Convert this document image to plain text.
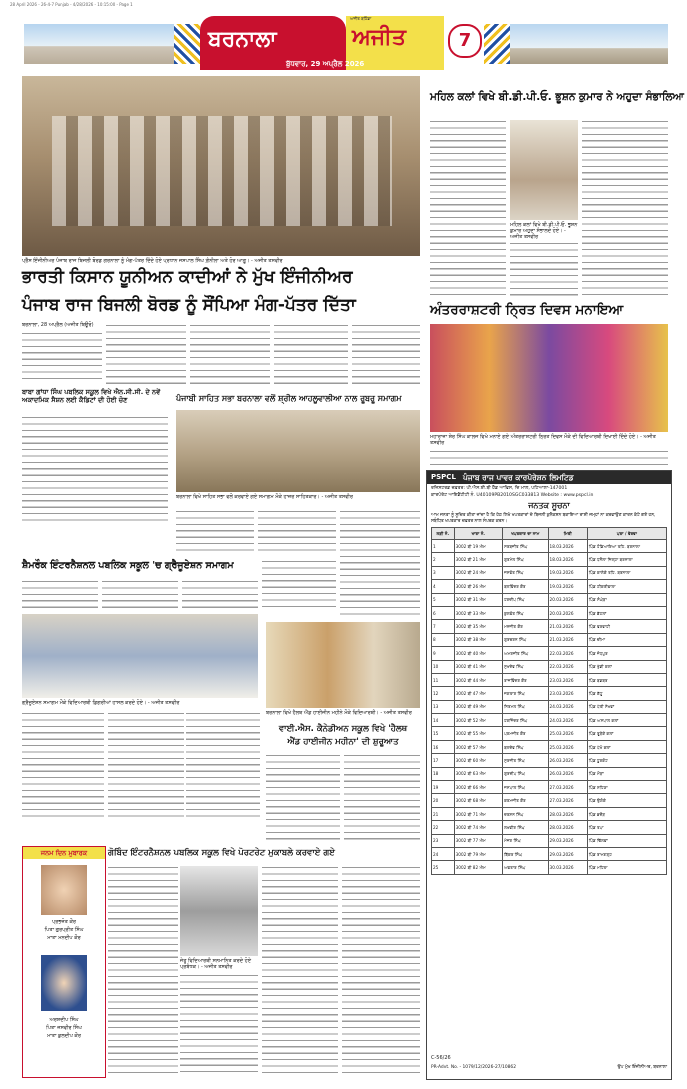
28 April 2026 - 26-4-7 Punjab - 4/28/2026 - 10:15:00 - Page 1
ਬਰਨਾਲਾ
ਅਜੀਤ ਬਠਿੰਡਾ
ਅਜੀਤ
ਬੁੱਧਵਾਰ, 29 ਅਪ੍ਰੈਲ 2026
7
ਪ੍ਰੈੱਸ ਇੰਜੀਨੀਅਰ ਪੰਜਾਬ ਰਾਜ ਬਿਜਲੀ ਬੋਰਡ ਗਰਨਾਲਾ ਨੂੰ ਮੰਗ-ਪੱਤਰ ਦਿੰਦੇ ਹੋਏ ਪ੍ਰਧਾਨ ਜਸਪਾਲ ਸਿੰਘ ਗ਼ੰਨੀਲਾ ਅਤੇ ਹੋਰ ਆਗੂ। - ਅਜੀਤ ਤਸਵੀਰ
ਮਹਿਲ ਕਲਾਂ ਵਿਖੇ ਬੀ.ਡੀ.ਪੀ.ਓ. ਭੂਸ਼ਨ ਕੁਮਾਰ ਨੇ ਅਹੁਦਾ ਸੰਭਾਲਿਆ
ਮਹਿਲ ਕਲਾਂ ਵਿਖੇ ਬੀ.ਡੀ.ਪੀ.ਓ. ਭੂਸ਼ਨ ਕੁਮਾਰ ਅਹੁਦਾ ਸੰਭਾਲਦੇ ਹੋਏ। - ਅਜੀਤ ਤਸਵੀਰ
ਭਾਰਤੀ ਕਿਸਾਨ ਯੂਨੀਅਨ ਕਾਦੀਆਂ ਨੇ ਮੁੱਖ ਇੰਜੀਨੀਅਰ
ਪੰਜਾਬ ਰਾਜ ਬਿਜਲੀ ਬੋਰਡ ਨੂੰ ਸੌਂਪਿਆ ਮੰਗ-ਪੱਤਰ ਦਿੱਤਾ	ਅੰਤਰਰਾਸ਼ਟਰੀ ਨ੍ਰਿਤ ਦਿਵਸ ਮਨਾਇਆ
ਮਹਾਰਾਜਾ ਸ਼ੇਰ ਸਿੰਘ ਕਾਲਜ ਵਿਖੇ ਮਨਾਏ ਗਏ ਅੰਤਰਰਾਸ਼ਟਰੀ ਨ੍ਰਿਤ ਦਿਵਸ ਮੌਕੇ ਦੀ ਵਿਦਿਆਰਥੀ ਦਿਖਾਈ ਦਿੰਦੇ ਹੋਏ। - ਅਜੀਤ ਤਸਵੀਰ
ਬਰਨਾਲਾ, 28 ਅਪ੍ਰੈਲ (ਅਜੀਤ ਬਿਊਰੋ)
ਬਾਬਾ ਗਾਂਧਾ ਸਿੰਘ ਪਬਲਿਕ ਸਕੂਲ ਵਿਖੇ ਐਨ.ਸੀ.ਸੀ. ਦੇ ਨਵੇਂ ਅਕਾਦਮਿਕ ਸੈਸ਼ਨ ਲਈ ਕੈਡਿਟਾਂ ਦੀ ਹੋਈ ਚੋਣ	ਪੰਜਾਬੀ ਸਾਹਿਤ ਸਭਾ ਬਰਨਾਲਾ ਵਲੋਂ ਸ਼੍ਰੀਲ ਆਹਲੂਵਾਲੀਆ ਨਾਲ ਰੂਬਰੂ ਸਮਾਗਮ
ਬਰਨਾਲਾ ਵਿਖੇ ਸਾਹਿਤ ਸਭਾ ਵਲੋਂ ਕਰਵਾਏ ਗਏ ਸਮਾਗਮ ਮੌਕੇ ਹਾਜ਼ਰ ਸਾਹਿਤਕਾਰ। - ਅਜੀਤ ਤਸਵੀਰ
ਸ਼ੈਮਰੌਕ ਇੰਟਰਨੈਸ਼ਨਲ ਪਬਲਿਕ ਸਕੂਲ 'ਚ ਗ੍ਰੈਜੂਏਸ਼ਨ ਸਮਾਗਮ
ਗ੍ਰੈਜੂਏਸ਼ਨ ਸਮਾਗਮ ਮੌਕੇ ਵਿਦਿਆਰਥੀ ਡਿਗਰੀਆਂ ਹਾਸਲ ਕਰਦੇ ਹੋਏ। - ਅਜੀਤ ਤਸਵੀਰ
ਬਰਨਾਲਾ ਵਿਖੇ ਹੈਲਥ ਐਂਡ ਹਾਈਜੀਨ ਮਹੀਨੇ ਮੌਕੇ ਵਿਦਿਆਰਥੀ। - ਅਜੀਤ ਤਸਵੀਰ
ਵਾਈ.ਐਸ. ਕੈਨੇਡੀਅਨ ਸਕੂਲ ਵਿਖੇ 'ਹੈਲਥ
ਐਂਡ ਹਾਈਜੀਨ ਮਹੀਨਾ' ਦੀ ਸ਼ੁਰੂਆਤ
ਜਨਮ ਦਿਨ ਮੁਬਾਰਕ
ਪ੍ਰਭਜੋਤ ਕੌਰ
ਪਿਤਾ ਗੁਰਪ੍ਰੀਤ ਸਿੰਘ
ਮਾਤਾ ਮਨਦੀਪ ਕੌਰ
ਅਰਸ਼ਦੀਪ ਸਿੰਘ
ਪਿਤਾ ਜਸਵੀਰ ਸਿੰਘ
ਮਾਤਾ ਕੁਲਦੀਪ ਕੌਰ
ਗੋਬਿੰਦ ਇੰਟਰਨੈਸ਼ਨਲ ਪਬਲਿਕ ਸਕੂਲ ਵਿਖੇ ਪੋਰਟਰੇਟ ਮੁਕਾਬਲੇ ਕਰਵਾਏ ਗਏ
ਜੇਤੂ ਵਿਦਿਆਰਥੀ ਸਨਮਾਨਿਤ ਕਰਦੇ ਹੋਏ ਪ੍ਰਬੰਧਕ। - ਅਜੀਤ ਤਸਵੀਰ
PSPCL ਪੰਜਾਬ ਰਾਜ ਪਾਵਰ ਕਾਰਪੋਰੇਸ਼ਨ ਲਿਮਟਿਡ
ਰਜਿਸਟਰਡ ਦਫ਼ਤਰ: ਪੀ.ਐਸ.ਈ.ਬੀ ਹੈੱਡ ਆਫਿਸ, ਦਿ ਮਾਲ, ਪਟਿਆਲਾ-147001
ਕਾਰਪੋਰੇਟ ਆਇਡੈਂਟੀਟੀ ਨੰ. U40109PB2010SGC033813 Website : www.pspcl.in
ਜਨਤਕ ਸੂਚਨਾ
ਆਮ ਜਨਤਾ ਨੂੰ ਸੂਚਿਤ ਕੀਤਾ ਜਾਂਦਾ ਹੈ ਕਿ ਹੇਠ ਲਿਖੇ ਖਪਤਕਾਰਾਂ ਦੇ ਬਿਜਲੀ ਕੁਨੈਕਸ਼ਨ ਬਕਾਇਆ ਰਾਸ਼ੀ ਜਮ੍ਹਾਂ ਨਾ ਕਰਵਾਉਣ ਕਾਰਨ ਕੱਟੇ ਗਏ ਹਨ, ਸਬੰਧਿਤ ਖਪਤਕਾਰ ਦਫ਼ਤਰ ਨਾਲ ਸੰਪਰਕ ਕਰਨ।
ਲੜੀ ਨੰ.	ਖਾਤਾ ਨੰ.	ਖਪਤਕਾਰ ਦਾ ਨਾਮ	ਮਿਤੀ	ਪਤਾ / ਵੇਰਵਾ
1	3002 ਬੀ 19 ਐਮ	ਸਰਬਜੀਤ ਸਿੰਘ	18.03.2026	ਪਿੰਡ ਹੰਡਿਆਇਆ ਤਹਿ. ਬਰਨਾਲਾ
2	3002 ਬੀ 21 ਐਮ	ਗੁਰਮੇਲ ਸਿੰਘ	18.03.2026	ਪਿੰਡ ਧਨੌਲਾ ਜ਼ਿਲ੍ਹਾ ਬਰਨਾਲਾ
3	3002 ਬੀ 24 ਐਮ	ਜਸਵੰਤ ਸਿੰਘ	19.03.2026	ਪਿੰਡ ਕਾਲੇਕੇ ਤਹਿ. ਬਰਨਾਲਾ
4	3002 ਬੀ 26 ਐਮ	ਬਲਵਿੰਦਰ ਕੌਰ	19.03.2026	ਪਿੰਡ ਠੀਕਰੀਵਾਲਾ
5	3002 ਬੀ 31 ਐਮ	ਹਰਦੀਪ ਸਿੰਘ	20.03.2026	ਪਿੰਡ ਸੰਘੇੜਾ
6	3002 ਬੀ 33 ਐਮ	ਕੁਲਵੰਤ ਸਿੰਘ	20.03.2026	ਪਿੰਡ ਭੱਠਲਾਂ
7	3002 ਬੀ 35 ਐਮ	ਮਨਜੀਤ ਕੌਰ	21.03.2026	ਪਿੰਡ ਫਰਵਾਹੀ
8	3002 ਬੀ 38 ਐਮ	ਗੁਰਚਰਨ ਸਿੰਘ	21.03.2026	ਪਿੰਡ ਚੀਮਾ
9	3002 ਬੀ 40 ਐਮ	ਅਮਰਜੀਤ ਸਿੰਘ	22.03.2026	ਪਿੰਡ ਜੋਧਪੁਰ
10	3002 ਬੀ 41 ਐਮ	ਸੁਖਦੇਵ ਸਿੰਘ	22.03.2026	ਪਿੰਡ ਖੁੱਡੀ ਕਲਾਂ
11	3002 ਬੀ 44 ਐਮ	ਰਾਜਵਿੰਦਰ ਕੌਰ	23.03.2026	ਪਿੰਡ ਬਡਬਰ
12	3002 ਬੀ 47 ਐਮ	ਜਗਤਾਰ ਸਿੰਘ	23.03.2026	ਪਿੰਡ ਕੱਟੂ
13	3002 ਬੀ 49 ਐਮ	ਨਿਰਮਲ ਸਿੰਘ	24.03.2026	ਪਿੰਡ ਪੱਤੀ ਸੇਖਵਾਂ
14	3002 ਬੀ 52 ਐਮ	ਹਰਜਿੰਦਰ ਸਿੰਘ	24.03.2026	ਪਿੰਡ ਅਸਪਾਲ ਕਲਾਂ
15	3002 ਬੀ 55 ਐਮ	ਪਰਮਜੀਤ ਕੌਰ	25.03.2026	ਪਿੰਡ ਰੂੜੇਕੇ ਕਲਾਂ
16	3002 ਬੀ 57 ਐਮ	ਬਲਦੇਵ ਸਿੰਘ	25.03.2026	ਪਿੰਡ ਪੱਖੋ ਕਲਾਂ
17	3002 ਬੀ 60 ਐਮ	ਸੁਰਜੀਤ ਸਿੰਘ	26.03.2026	ਪਿੰਡ ਧੂਰਕੋਟ
18	3002 ਬੀ 63 ਐਮ	ਗੁਰਦੀਪ ਸਿੰਘ	26.03.2026	ਪਿੰਡ ਮੌੜਾਂ
19	3002 ਬੀ 66 ਐਮ	ਜਸਪਾਲ ਸਿੰਘ	27.03.2026	ਪਿੰਡ ਸ਼ਹਿਣਾ
20	3002 ਬੀ 68 ਐਮ	ਕਰਮਜੀਤ ਕੌਰ	27.03.2026	ਪਿੰਡ ਉਗੋਕੇ
21	3002 ਬੀ 71 ਐਮ	ਦਰਸ਼ਨ ਸਿੰਘ	28.03.2026	ਪਿੰਡ ਭਦੌੜ
22	3002 ਬੀ 74 ਐਮ	ਲਖਵੀਰ ਸਿੰਘ	28.03.2026	ਪਿੰਡ ਤਪਾ
23	3002 ਬੀ 77 ਐਮ	ਮੇਜਰ ਸਿੰਘ	29.03.2026	ਪਿੰਡ ਢਿੱਲਵਾਂ
24	3002 ਬੀ 79 ਐਮ	ਬਿੱਕਰ ਸਿੰਘ	29.03.2026	ਪਿੰਡ ਰਾਮਗੜ੍ਹ
25	3002 ਬੀ 82 ਐਮ	ਅਵਤਾਰ ਸਿੰਘ	30.03.2026	ਪਿੰਡ ਮਹਿਤਾ
C-56/26
PR-Advt. No. - 1079/12/2026-27/10862	ਉਪ ਮੁੱਖ ਇੰਜੀਨੀਅਰ, ਬਰਨਾਲਾ
